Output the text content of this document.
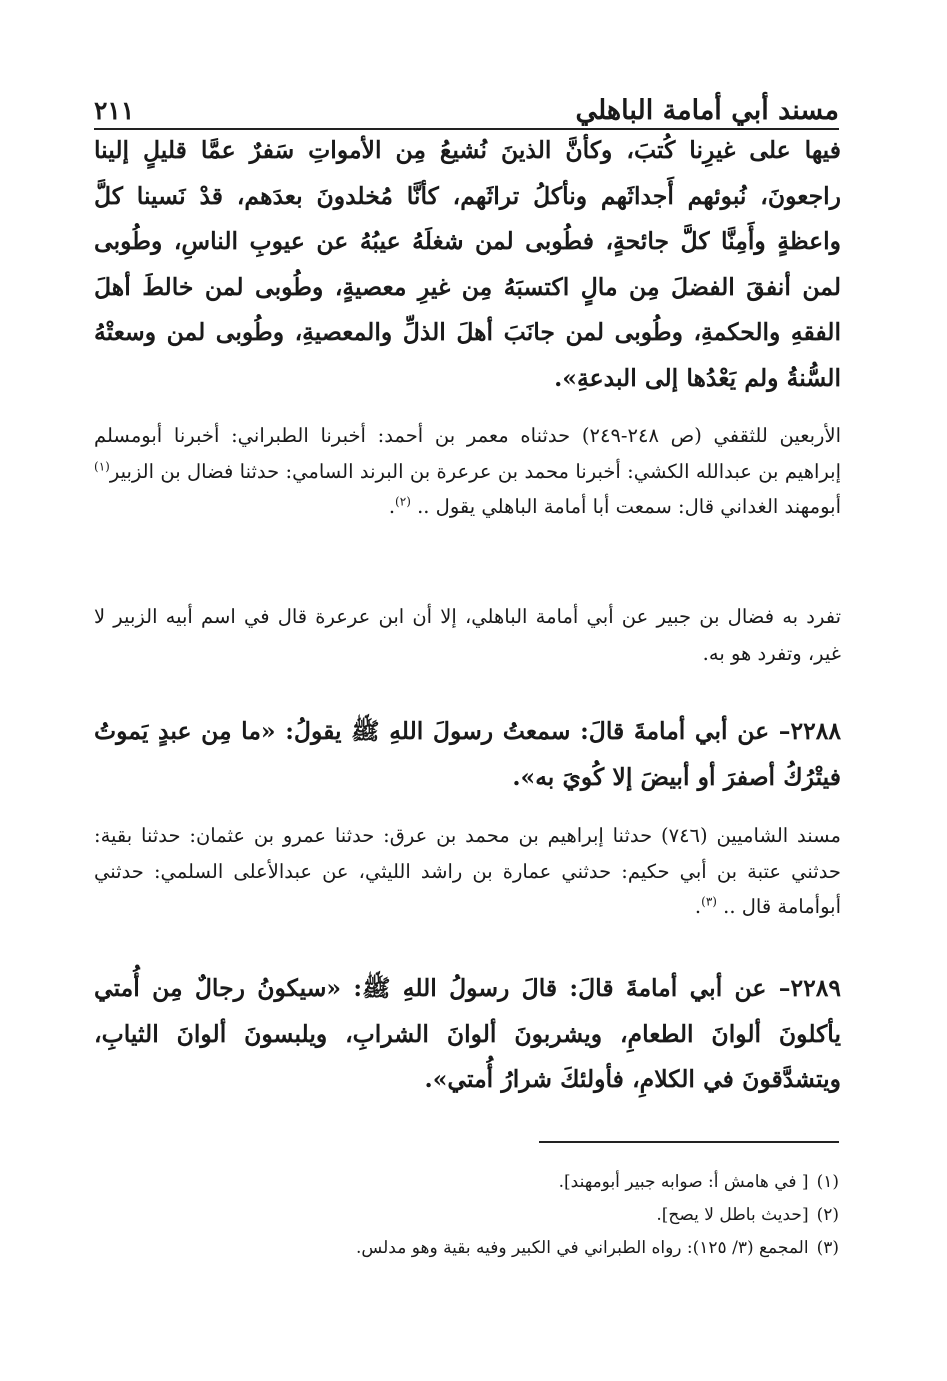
مسند أبي أمامة الباهلي
٢١١

فيها على غيرِنا كُتبَ، وكأنَّ الذينَ نُشيعُ مِن الأمواتِ سَفرٌ عمَّا قليلٍ إلينا راجعونَ، نُبوئهم أَجداثَهم ونأكلُ تراثَهم، كأنَّا مُخلدونَ بعدَهم، قدْ نَسينا كلَّ واعظةٍ وأَمِنَّا كلَّ جائحةٍ، فطُوبى لمن شغلَهُ عيبُهُ عن عيوبِ الناسِ، وطُوبى لمن أنفقَ الفضلَ مِن مالٍ اكتسبَهُ مِن غيرِ معصيةٍ، وطُوبى لمن خالطَ أهلَ الفقهِ والحكمةِ، وطُوبى لمن جانَبَ أهلَ الذلِّ والمعصيةِ، وطُوبى لمن وسعتْهُ السُّنةُ ولم يَعْدُها إلى البدعةِ».

الأربعين للثقفي (ص ٢٤٨-٢٤٩) حدثناه معمر بن أحمد: أخبرنا الطبراني: أخبرنا أبومسلم إبراهيم بن عبدالله الكشي: أخبرنا محمد بن عرعرة بن البرند السامي: حدثنا فضال بن الزبير$^{(١)}$ أبومهند الغداني قال: سمعت أبا أمامة الباهلي يقول .. $^{(٢)}$.

تفرد به فضال بن جبير عن أبي أمامة الباهلي، إلا أن ابن عرعرة قال في اسم أبيه الزبير لا غير، وتفرد هو به.

٢٢٨٨– عن أبي أمامةَ قالَ: سمعتُ رسولَ اللهِ ﷺ يقولُ: «ما مِن عبدٍ يَموتُ فيتْرُكُ أصفرَ أو أبيضَ إلا كُويَ به».

مسند الشاميين (٧٤٦) حدثنا إبراهيم بن محمد بن عرق: حدثنا عمرو بن عثمان: حدثنا بقية: حدثني عتبة بن أبي حكيم: حدثني عمارة بن راشد الليثي، عن عبدالأعلى السلمي: حدثني أبوأمامة قال .. $^{(٣)}$.

٢٢٨٩– عن أبي أمامةَ قالَ: قالَ رسولُ اللهِ ﷺ: «سيكونُ رجالٌ مِن أُمتي يأكلونَ ألوانَ الطعامِ، ويشربونَ ألوانَ الشرابِ، ويلبسونَ ألوانَ الثيابِ، ويتشدَّقونَ في الكلامِ، فأولئكَ شرارُ أُمتي».

(١)
[ في هامش أ: صوابه جبير أبومهند].
(٢)
[حديث باطل لا يصح].
(٣)
المجمع (٣/ ١٢٥): رواه الطبراني في الكبير وفيه بقية وهو مدلس.
